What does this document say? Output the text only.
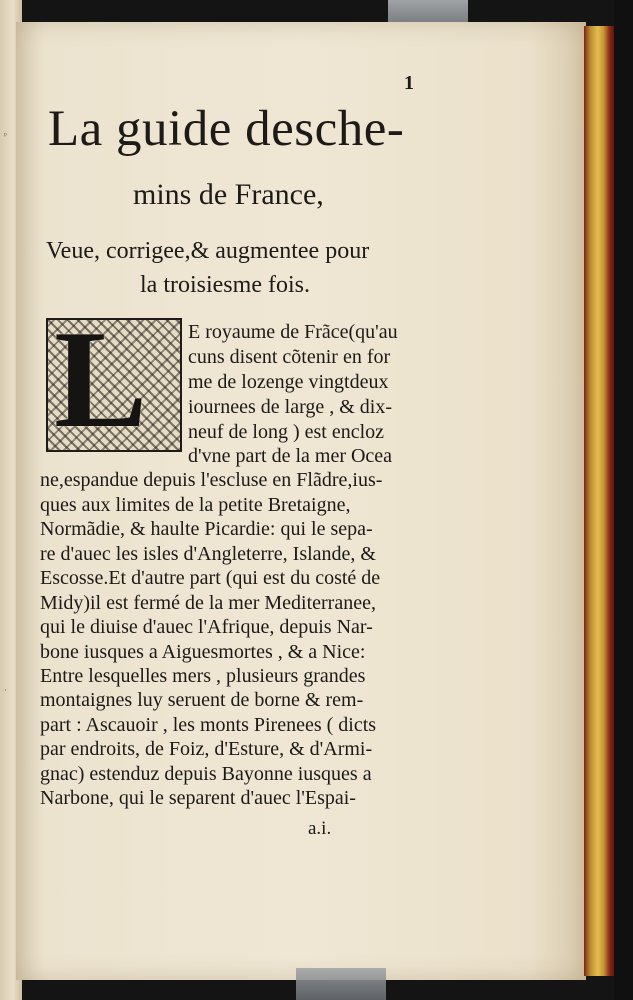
ᵖ
·
1
La guide desche-
mins de France,
Veue, corrigee,& augmentee pour
la troisiesme fois.
L E royaume de Frãce(qu'au
cuns disent cõtenir en for
me de lozenge vingtdeux
iournees de large , & dix-
neuf de long ) est encloz
d'vne part de la mer Ocea
ne,espandue depuis l'escluse en Flãdre,ius-
ques aux limites de la petite Bretaigne,
Normãdie, & haulte Picardie: qui le sepa-
re d'auec les isles d'Angleterre, Islande, &
Escosse.Et d'autre part (qui est du costé de
Midy)il est fermé de la mer Mediterranee,
qui le diuise d'auec l'Afrique, depuis Nar-
bone iusques a Aiguesmortes , & a Nice:
Entre lesquelles mers , plusieurs grandes
montaignes luy seruent de borne & rem-
part : Ascauoir , les monts Pirenees ( dicts
par endroits, de Foiz, d'Esture, & d'Armi-
gnac) estenduz depuis Bayonne iusques a
Narbone, qui le separent d'auec l'Espai-
a.i.
